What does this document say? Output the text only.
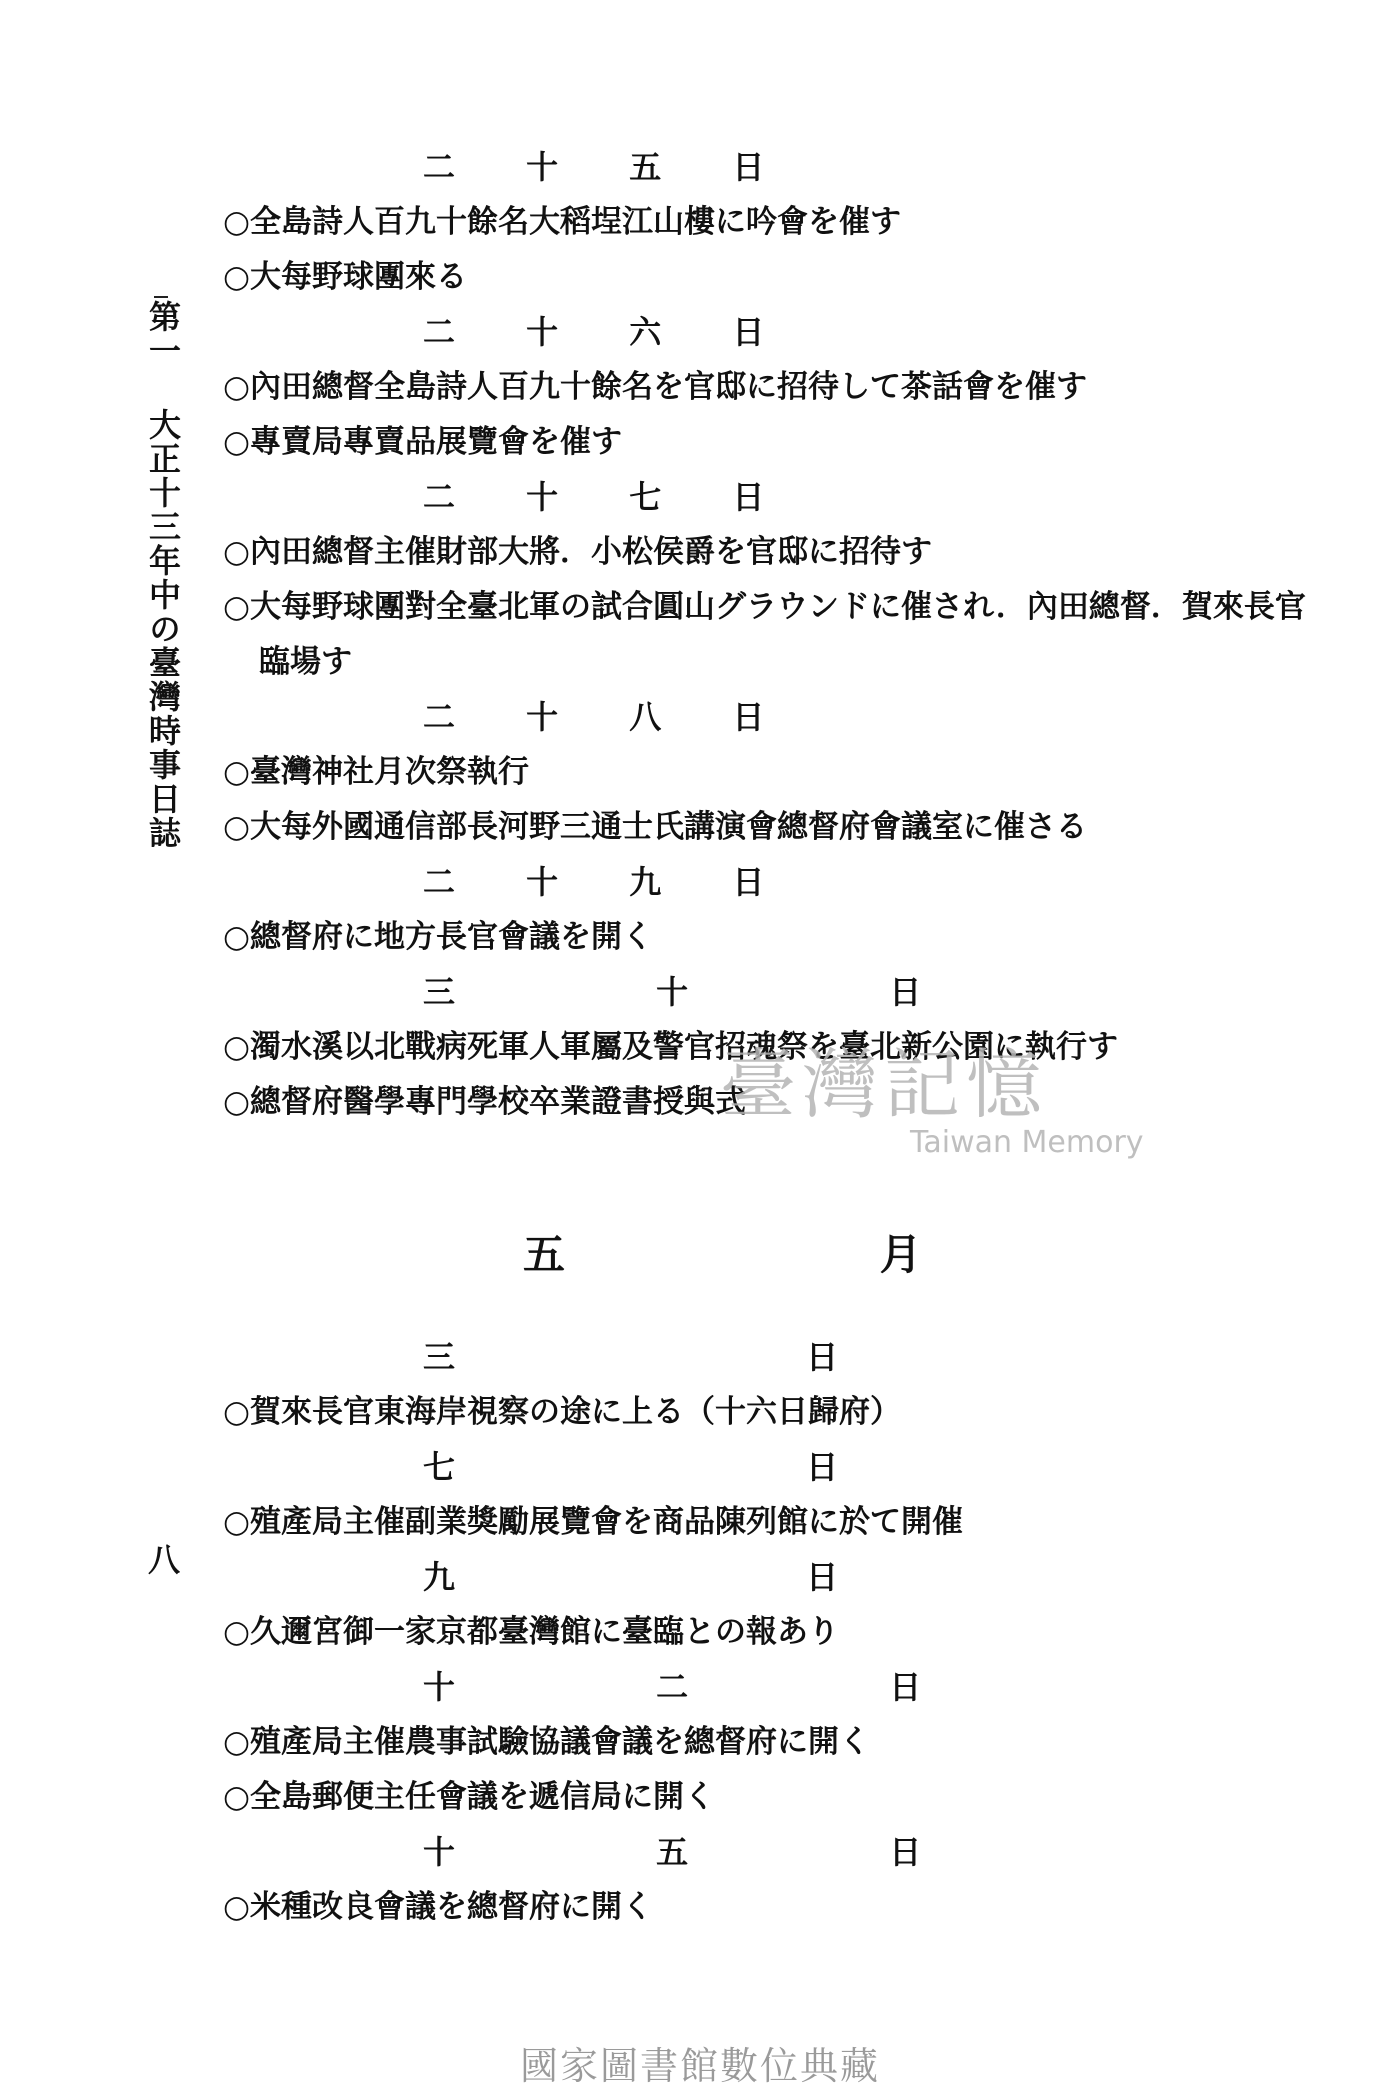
第一大正十三年中の臺灣時事日誌
八
二 十 五 日
○全島詩人百九十餘名大稻埕江山樓に吟會を催す
○大每野球團來る
二 十 六 日
○內田總督全島詩人百九十餘名を官邸に招待して茶話會を催す
○專賣局專賣品展覽會を催す
二 十 七 日
○內田總督主催財部大將．小松侯爵を官邸に招待す
○大每野球團對全臺北軍の試合圓山グラウンドに催され．內田總督．賀來長官臨場す
二 十 八 日
○臺灣神社月次祭執行
○大每外國通信部長河野三通士氏講演會總督府會議室に催さる
二 十 九 日
○總督府に地方長官會議を開く
三 十 日
○濁水溪以北戰病死軍人軍屬及警官招魂祭を臺北新公園に執行す
○總督府醫學專門學校卒業證書授與式
五 月
三 日
○賀來長官東海岸視察の途に上る（十六日歸府）
七 日
○殖產局主催副業獎勵展覽會を商品陳列館に於て開催
九 日
○久邇宮御一家京都臺灣館に臺臨との報あり
十 二 日
○殖產局主催農事試驗協議會議を總督府に開く
○全島郵便主任會議を遞信局に開く
十 五 日
○米種改良會議を總督府に開く
臺灣記憶
Taiwan Memory
國家圖書館數位典藏
